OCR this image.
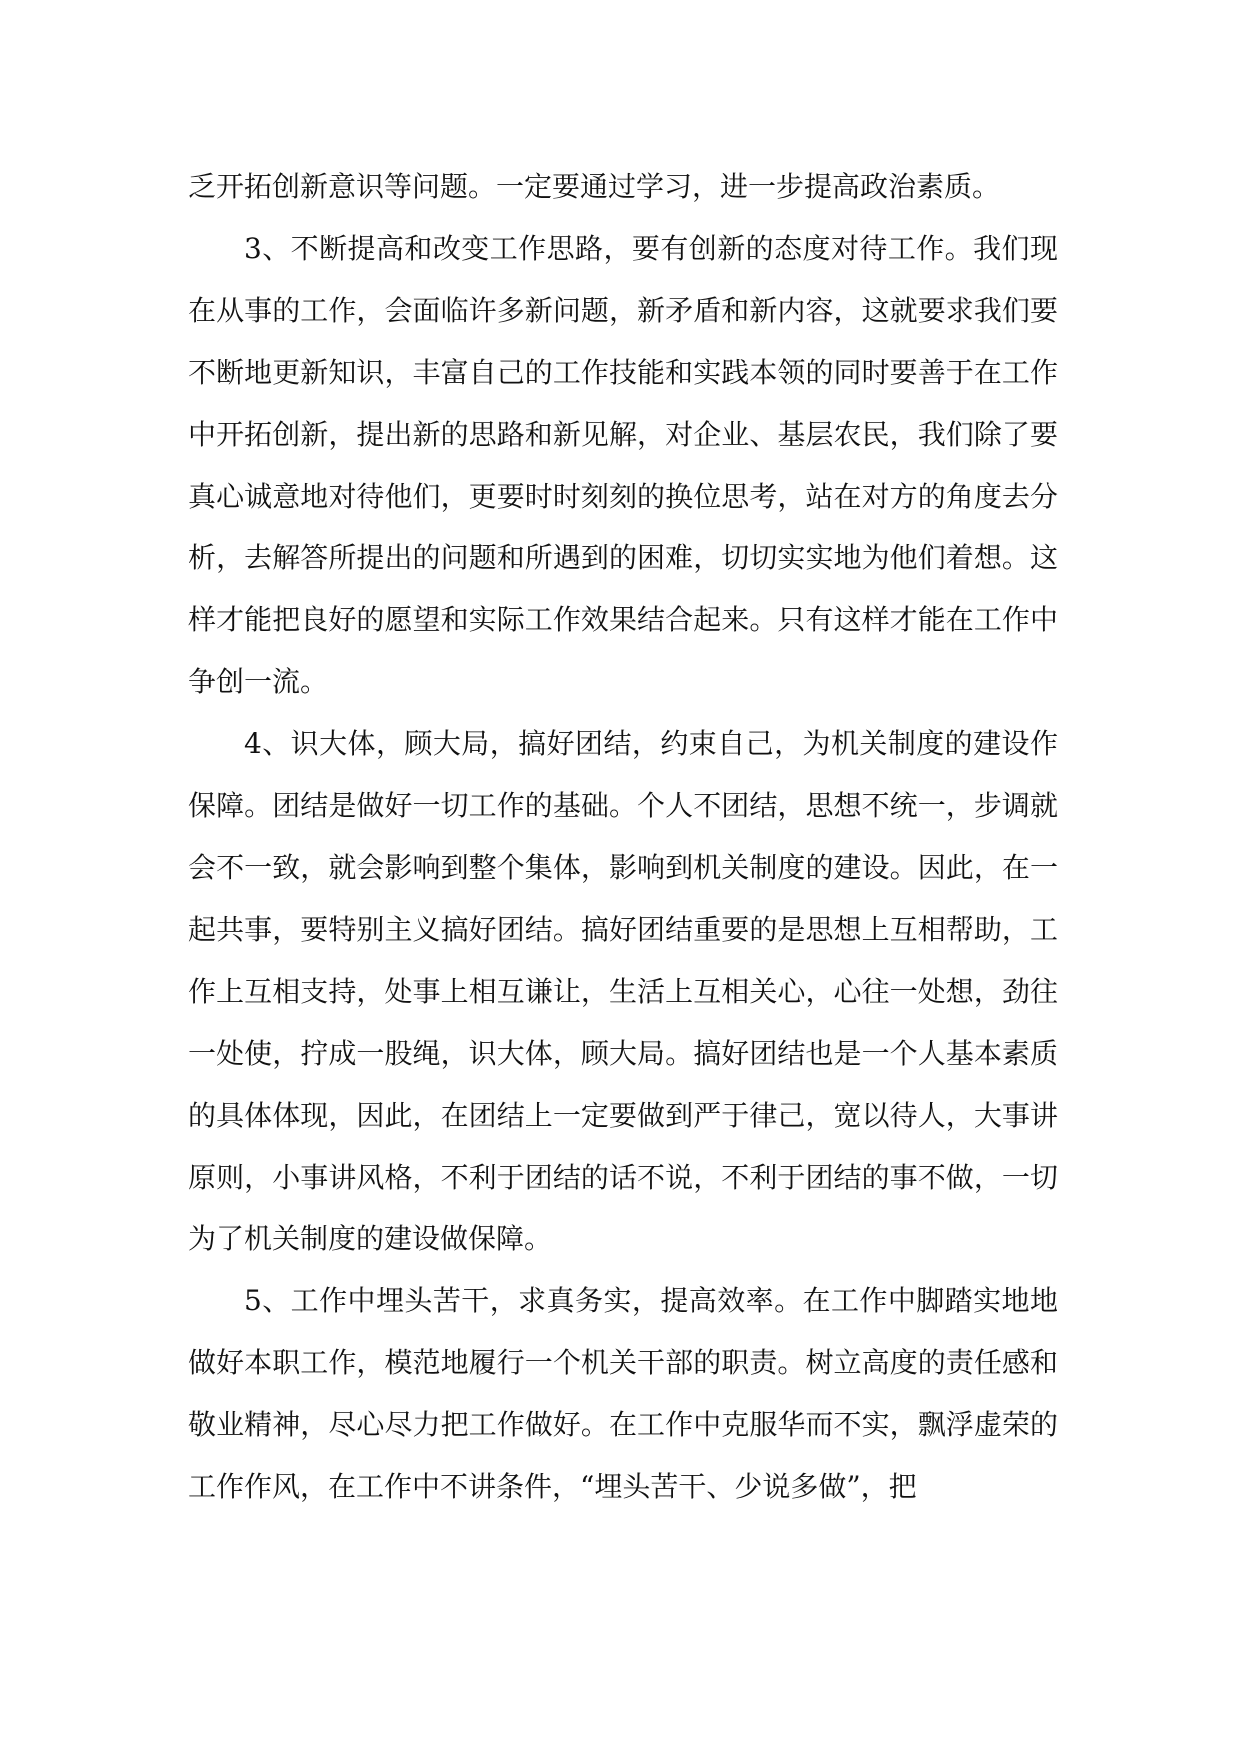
乏开拓创新意识等问题。一定要通过学习，进一步提高政治素质。

3、不断提高和改变工作思路，要有创新的态度对待工作。我们现在从事的工作，会面临许多新问题，新矛盾和新内容，这就要求我们要不断地更新知识，丰富自己的工作技能和实践本领的同时要善于在工作中开拓创新，提出新的思路和新见解，对企业、基层农民，我们除了要真心诚意地对待他们，更要时时刻刻的换位思考，站在对方的角度去分析，去解答所提出的问题和所遇到的困难，切切实实地为他们着想。这样才能把良好的愿望和实际工作效果结合起来。只有这样才能在工作中争创一流。

4、识大体，顾大局，搞好团结，约束自己，为机关制度的建设作保障。团结是做好一切工作的基础。个人不团结，思想不统一，步调就会不一致，就会影响到整个集体，影响到机关制度的建设。因此，在一起共事，要特别主义搞好团结。搞好团结重要的是思想上互相帮助，工作上互相支持，处事上相互谦让，生活上互相关心，心往一处想，劲往一处使，拧成一股绳，识大体，顾大局。搞好团结也是一个人基本素质的具体体现，因此，在团结上一定要做到严于律己，宽以待人，大事讲原则，小事讲风格，不利于团结的话不说，不利于团结的事不做，一切为了机关制度的建设做保障。

5、工作中埋头苦干，求真务实，提高效率。在工作中脚踏实地地做好本职工作，模范地履行一个机关干部的职责。树立高度的责任感和敬业精神，尽心尽力把工作做好。在工作中克服华而不实，飘浮虚荣的工作作风，在工作中不讲条件，“埋头苦干、少说多做”，把
